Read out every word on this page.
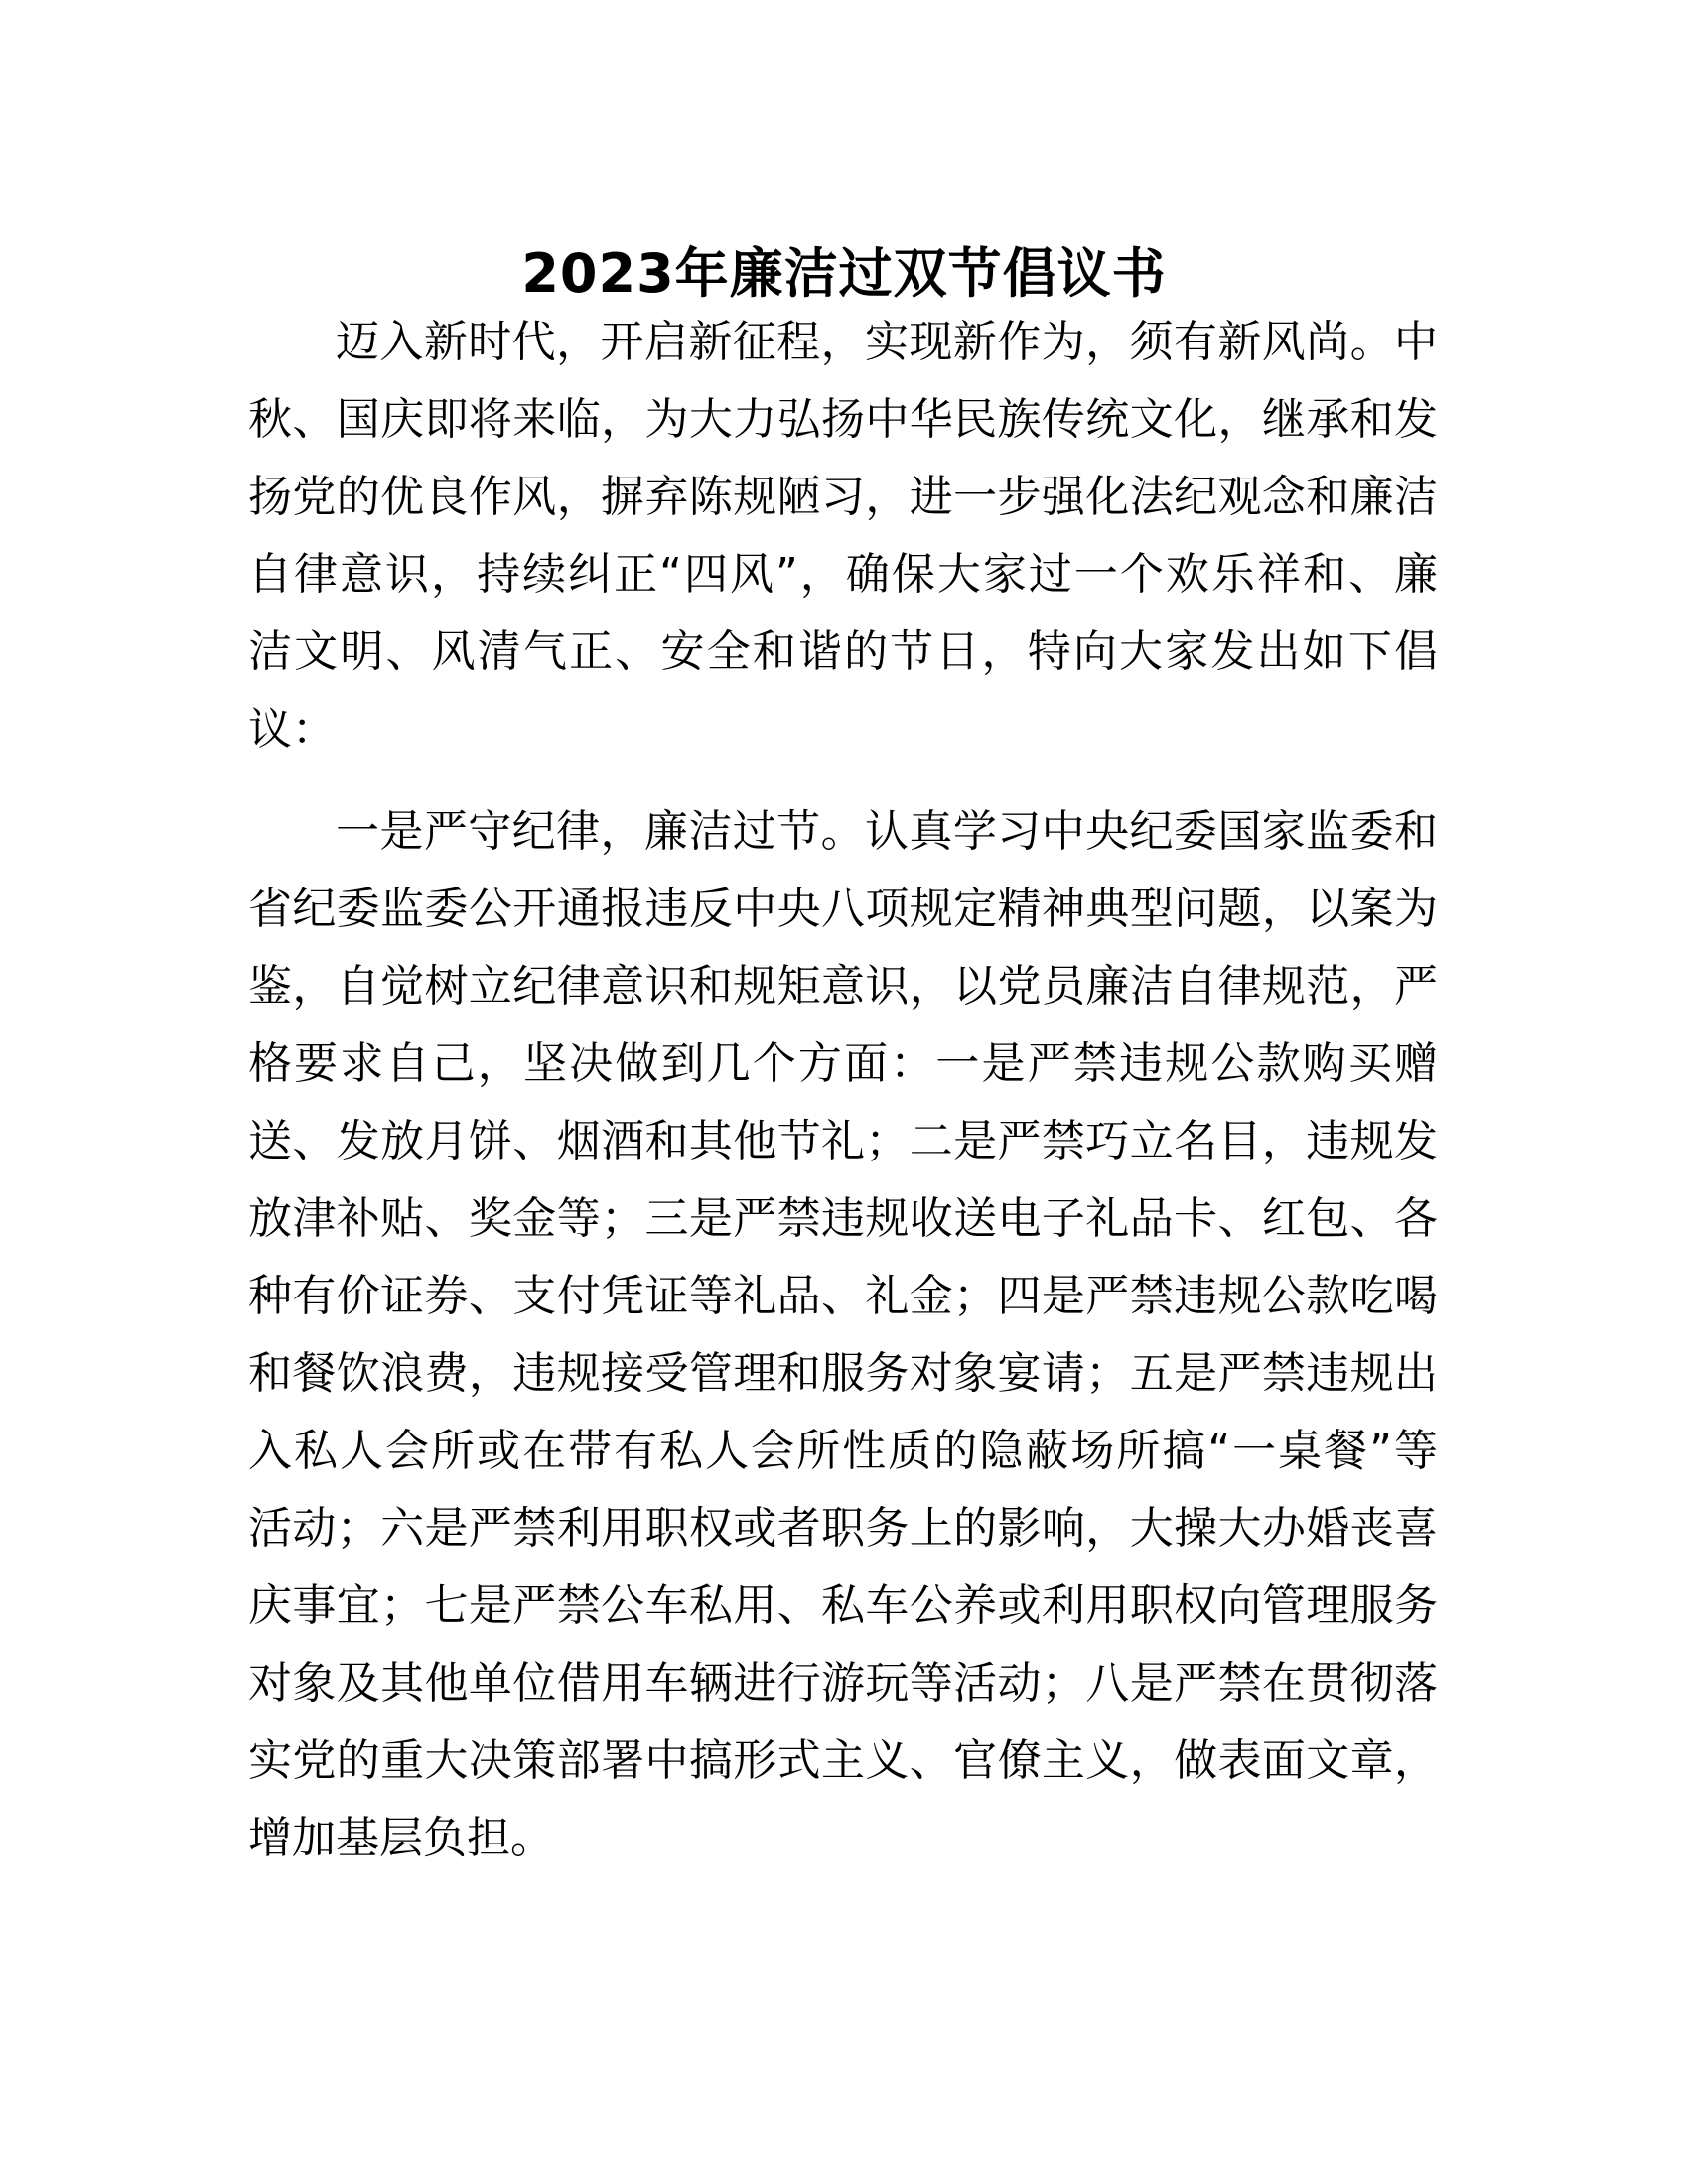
2023年廉洁过双节倡议书
迈入新时代，开启新征程，实现新作为，须有新风尚。中
秋、国庆即将来临，为大力弘扬中华民族传统文化，继承和发
扬党的优良作风，摒弃陈规陋习，进一步强化法纪观念和廉洁
自律意识，持续纠正“四风”，确保大家过一个欢乐祥和、廉
洁文明、风清气正、安全和谐的节日，特向大家发出如下倡
议：
一是严守纪律，廉洁过节。认真学习中央纪委国家监委和
省纪委监委公开通报违反中央八项规定精神典型问题，以案为
鉴，自觉树立纪律意识和规矩意识，以党员廉洁自律规范，严
格要求自己，坚决做到几个方面：一是严禁违规公款购买赠
送、发放月饼、烟酒和其他节礼；二是严禁巧立名目，违规发
放津补贴、奖金等；三是严禁违规收送电子礼品卡、红包、各
种有价证券、支付凭证等礼品、礼金；四是严禁违规公款吃喝
和餐饮浪费，违规接受管理和服务对象宴请；五是严禁违规出
入私人会所或在带有私人会所性质的隐蔽场所搞“一桌餐”等
活动；六是严禁利用职权或者职务上的影响，大操大办婚丧喜
庆事宜；七是严禁公车私用、私车公养或利用职权向管理服务
对象及其他单位借用车辆进行游玩等活动；八是严禁在贯彻落
实党的重大决策部署中搞形式主义、官僚主义，做表面文章，
增加基层负担。
